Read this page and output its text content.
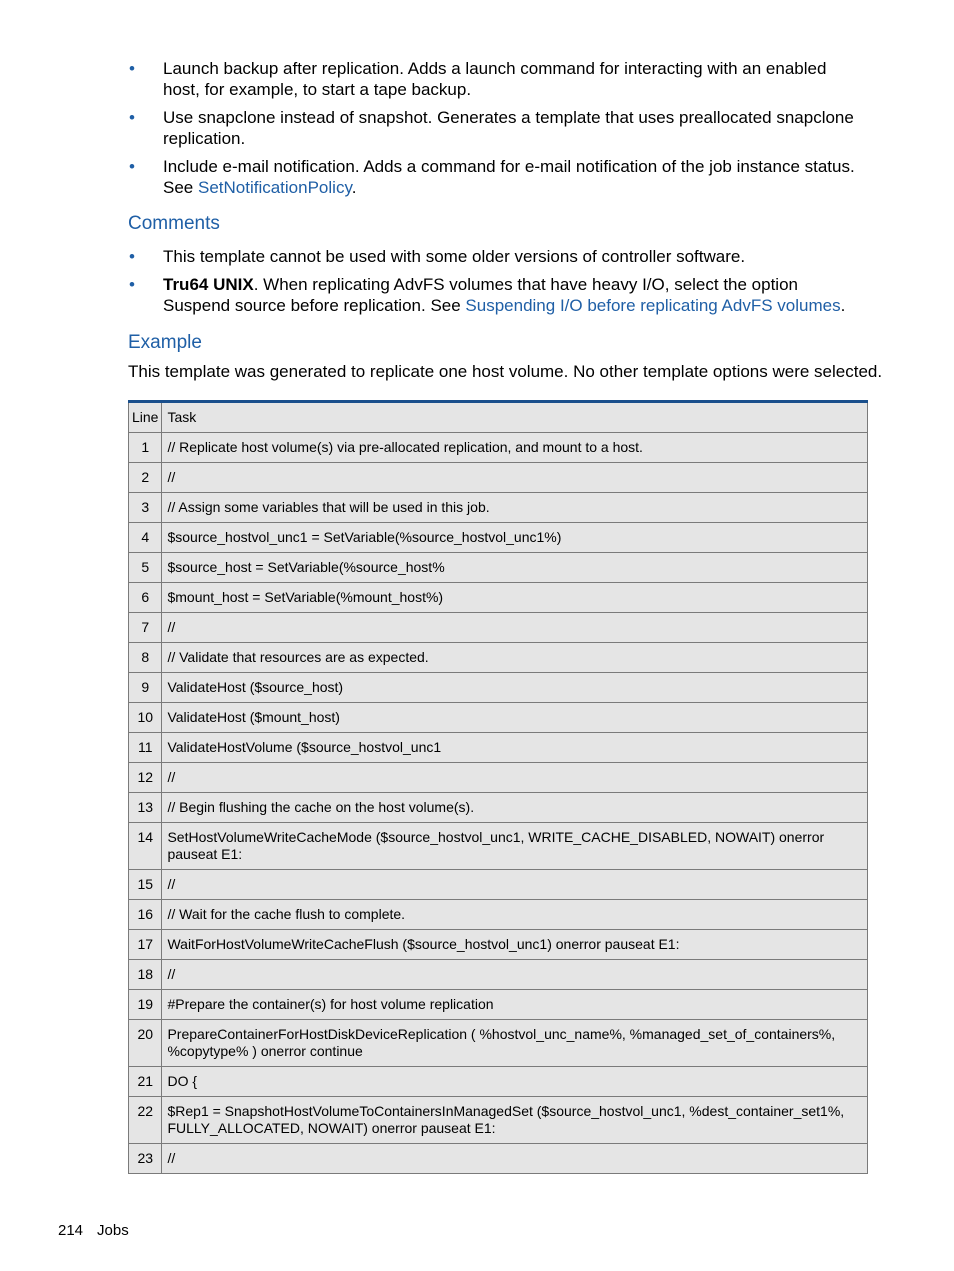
• Launch backup after replication. Adds a launch command for interacting with an enabled host, for example, to start a tape backup.
• Use snapclone instead of snapshot. Generates a template that uses preallocated snapclone replication.
• Include e-mail notification. Adds a command for e-mail notification of the job instance status. See SetNotificationPolicy.
Comments
• This template cannot be used with some older versions of controller software.
• Tru64 UNIX. When replicating AdvFS volumes that have heavy I/O, select the option Suspend source before replication. See Suspending I/O before replicating AdvFS volumes.
Example

This template was generated to replicate one host volume. No other template options were selected.

Line	Task
1	// Replicate host volume(s) via pre-allocated replication, and mount to a host.
2	//
3	// Assign some variables that will be used in this job.
4	$source_hostvol_unc1 = SetVariable(%source_hostvol_unc1%)
5	$source_host = SetVariable(%source_host%
6	$mount_host = SetVariable(%mount_host%)
7	//
8	// Validate that resources are as expected.
9	ValidateHost ($source_host)
10	ValidateHost ($mount_host)
11	ValidateHostVolume ($source_hostvol_unc1
12	//
13	// Begin flushing the cache on the host volume(s).
14	SetHostVolumeWriteCacheMode ($source_hostvol_unc1, WRITE_CACHE_DISABLED, NOWAIT) onerror pauseat E1:
15	//
16	// Wait for the cache flush to complete.
17	WaitForHostVolumeWriteCacheFlush ($source_hostvol_unc1) onerror pauseat E1:
18	//
19	#Prepare the container(s) for host volume replication
20	PrepareContainerForHostDiskDeviceReplication ( %hostvol_unc_name%, %managed_set_of_containers%, %copytype% ) onerror continue
21	DO {
22	$Rep1 = SnapshotHostVolumeToContainersInManagedSet ($source_hostvol_unc1, %dest_container_set1%, FULLY_ALLOCATED, NOWAIT) onerror pauseat E1:
23	//
214 Jobs
